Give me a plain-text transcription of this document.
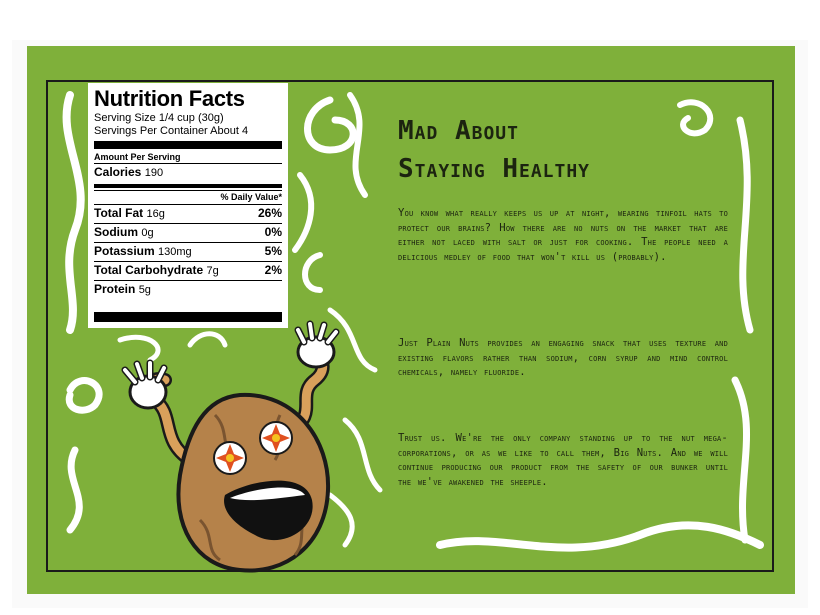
Nutrition Facts
Serving Size 1/4 cup (30g)
Servings Per Container About 4
Amount Per Serving
Calories 190
% Daily Value*
Total Fat 16g	26%
Sodium 0g	0%
Potassium 130mg	5%
Total Carbohydrate 7g	2%
Protein 5g
Mad About
Staying Healthy
You know what really keeps us up at night, wearing tinfoil hats to protect our brains? How there are no nuts on the market that are either not laced with salt or just for cooking. The people need a delicious medley of food that won't kill us (probably).
Just Plain Nuts provides an engaging snack that uses texture and existing flavors rather than sodium, corn syrup and mind control chemicals, namely fluoride.
Trust us. We're the only company standing up to the nut mega-corporations, or as we like to call them, Big Nuts. And we will continue producing our product from the safety of our bunker until the we've awakened the sheeple.
